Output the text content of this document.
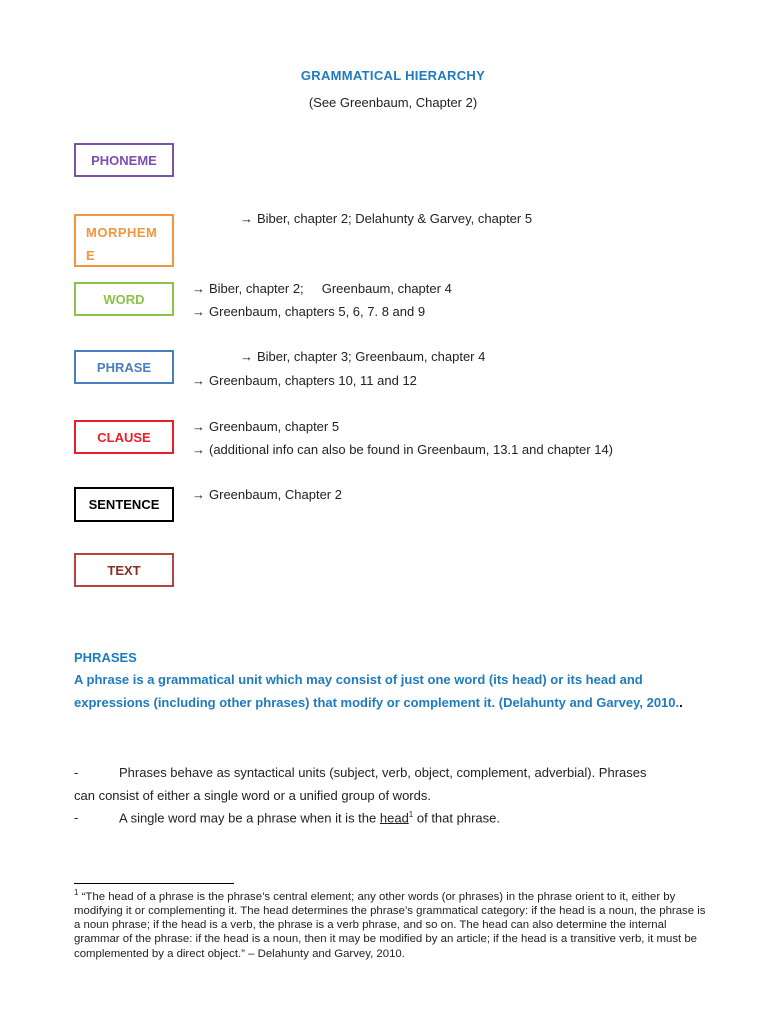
GRAMMATICAL HIERARCHY
(See Greenbaum, Chapter 2)
PHONEME
MORPHEM
E
→ Biber, chapter 2; Delahunty & Garvey, chapter 5
WORD
→ Biber, chapter 2;     Greenbaum, chapter 4
→ Greenbaum, chapters 5, 6, 7. 8 and 9
PHRASE
→ Biber, chapter 3; Greenbaum, chapter 4
→ Greenbaum, chapters 10, 11 and 12
CLAUSE
→ Greenbaum, chapter 5
→ (additional info can also be found in Greenbaum, 13.1 and chapter 14)
SENTENCE
→ Greenbaum, Chapter 2
TEXT
PHRASES
A phrase is a grammatical unit which may consist of just one word (its head) or its head and expressions (including other phrases) that modify or complement it. (Delahunty and Garvey, 2010..
-	Phrases behave as syntactical units (subject, verb, object, complement, adverbial). Phrases
can consist of either a single word or a unified group of words.
-	A single word may be a phrase when it is the head$^1$ of that phrase.
$^1$ “The head of a phrase is the phrase’s central element; any other words (or phrases) in the phrase orient to it, either by modifying it or complementing it. The head determines the phrase’s grammatical category: if the head is a noun, the phrase is a noun phrase; if the head is a verb, the phrase is a verb phrase, and so on. The head can also determine the internal grammar of the phrase: if the head is a noun, then it may be modified by an article; if the head is a transitive verb, it must be complemented by a direct object.” – Delahunty and Garvey, 2010.
